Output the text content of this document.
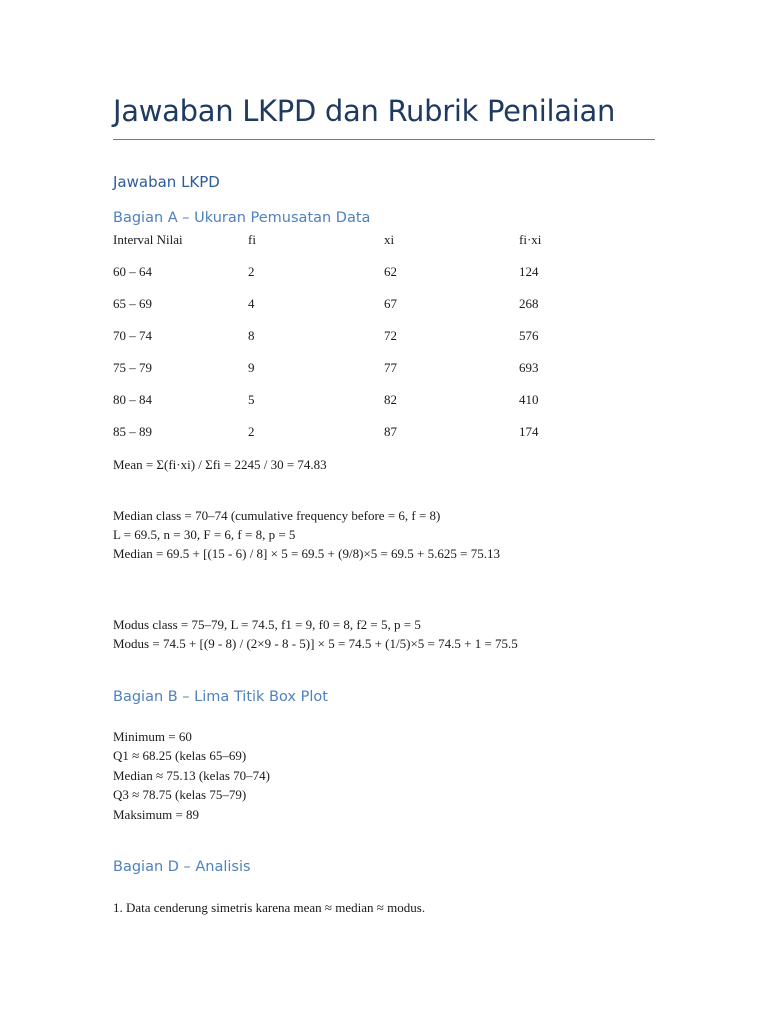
Jawaban LKPD dan Rubrik Penilaian
Jawaban LKPD
Bagian A – Ukuran Pemusatan Data
Interval Nilai	fi	xi	fi·xi
60 – 64	2	62	124
65 – 69	4	67	268
70 – 74	8	72	576
75 – 79	9	77	693
80 – 84	5	82	410
85 – 89	2	87	174

Mean = Σ(fi·xi) / Σfi = 2245 / 30 = 74.83

Median class = 70–74 (cumulative frequency before = 6, f = 8)

L = 69.5, n = 30, F = 6, f = 8, p = 5

Median = 69.5 + [(15 - 6) / 8] × 5 = 69.5 + (9/8)×5 = 69.5 + 5.625 = 75.13

Modus class = 75–79, L = 74.5, f1 = 9, f0 = 8, f2 = 5, p = 5

Modus = 74.5 + [(9 - 8) / (2×9 - 8 - 5)] × 5 = 74.5 + (1/5)×5 = 74.5 + 1 = 75.5

Bagian B – Lima Titik Box Plot

Minimum = 60

Q1 ≈ 68.25 (kelas 65–69)

Median ≈ 75.13 (kelas 70–74)

Q3 ≈ 78.75 (kelas 75–79)

Maksimum = 89

Bagian D – Analisis

1. Data cenderung simetris karena mean ≈ median ≈ modus.
